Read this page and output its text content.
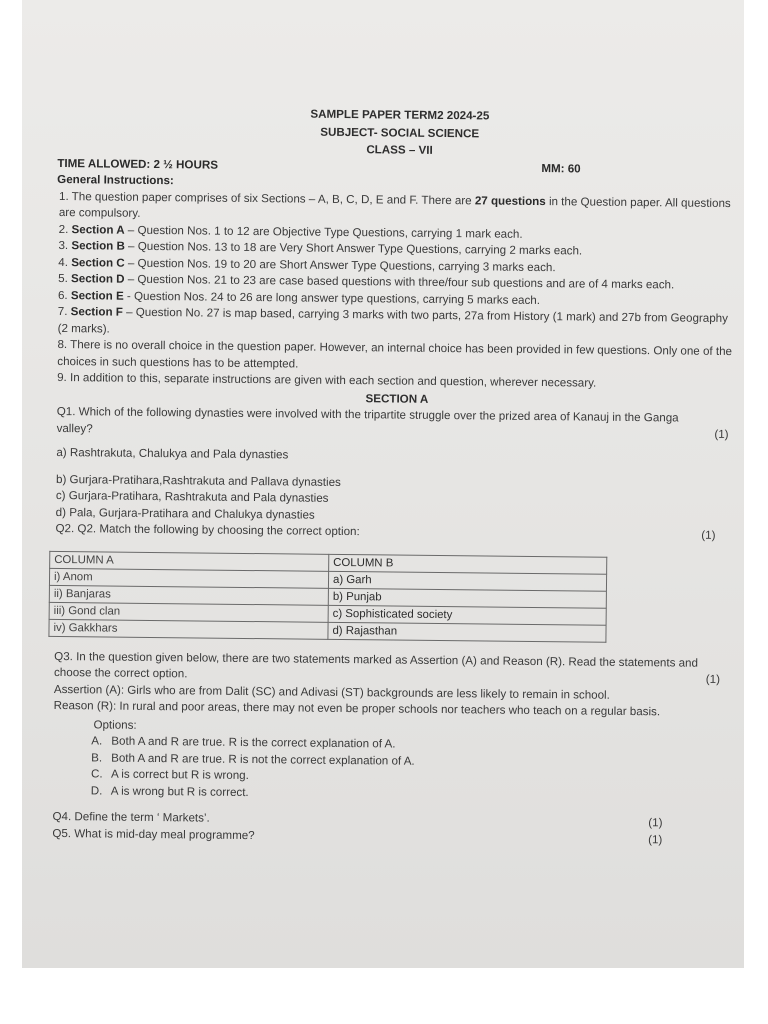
SAMPLE PAPER TERM2 2024-25
SUBJECT- SOCIAL SCIENCE
CLASS – VII
TIME ALLOWED: 2 ½ HOURS	MM: 60
General Instructions:

1. The question paper comprises of six Sections – A, B, C, D, E and F. There are 27 questions in the Question paper. All questions are compulsory.

2. Section A – Question Nos. 1 to 12 are Objective Type Questions, carrying 1 mark each.

3. Section B – Question Nos. 13 to 18 are Very Short Answer Type Questions, carrying 2 marks each.

4. Section C – Question Nos. 19 to 20 are Short Answer Type Questions, carrying 3 marks each.

5. Section D – Question Nos. 21 to 23 are case based questions with three/four sub questions and are of 4 marks each.

6. Section E - Question Nos. 24 to 26 are long answer type questions, carrying 5 marks each.

7. Section F – Question No. 27 is map based, carrying 3 marks with two parts, 27a from History (1 mark) and 27b from Geography (2 marks).

8. There is no overall choice in the question paper. However, an internal choice has been provided in few questions. Only one of the choices in such questions has to be attempted.

9. In addition to this, separate instructions are given with each section and question, wherever necessary.

SECTION A
Q1. Which of the following dynasties were involved with the tripartite struggle over the prized area of Kanauj in the Ganga valley?	(1)
a) Rashtrakuta, Chalukya and Pala dynasties
b) Gurjara-Pratihara,Rashtrakuta and Pallava dynasties
c) Gurjara-Pratihara, Rashtrakuta and Pala dynasties
d) Pala, Gurjara-Pratihara and Chalukya dynasties
Q2. Q2. Match the following by choosing the correct option:	(1)
COLUMN A	COLUMN B
i) Anom	a) Garh
ii) Banjaras	b) Punjab
iii) Gond clan	c) Sophisticated society
iv) Gakkhars	d) Rajasthan
Q3. In the question given below, there are two statements marked as Assertion (A) and Reason (R). Read the statements and choose the correct option.	(1)
Assertion (A): Girls who are from Dalit (SC) and Adivasi (ST) backgrounds are less likely to remain in school.
Reason (R): In rural and poor areas, there may not even be proper schools nor teachers who teach on a regular basis.
Options:
A. Both A and R are true. R is the correct explanation of A.
B. Both A and R are true. R is not the correct explanation of A.
C. A is correct but R is wrong.
D. A is wrong but R is correct.
Q4. Define the term ‘ Markets’.	(1)
Q5. What is mid-day meal programme?	(1)
